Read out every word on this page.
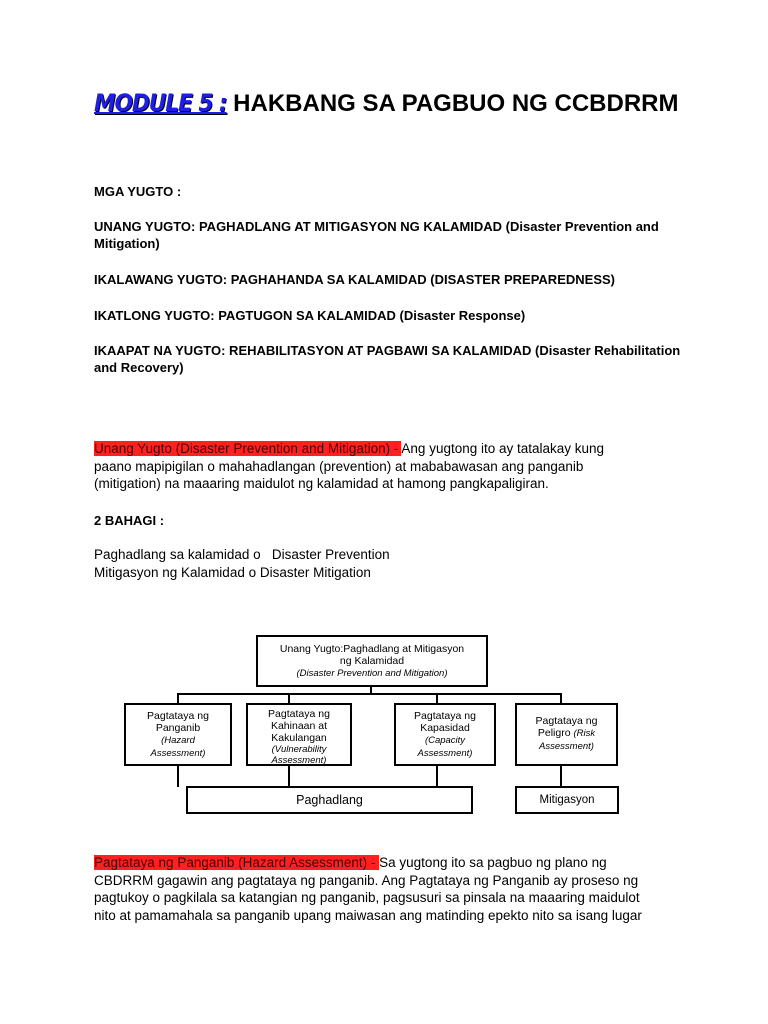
MODULE 5 : HAKBANG SA PAGBUO NG CCBDRRM

MGA YUGTO :

UNANG YUGTO: PAGHADLANG AT MITIGASYON NG KALAMIDAD (Disaster Prevention and Mitigation)

IKALAWANG YUGTO: PAGHAHANDA SA KALAMIDAD (DISASTER PREPAREDNESS)

IKATLONG YUGTO: PAGTUGON SA KALAMIDAD (Disaster Response)

IKAAPAT NA YUGTO: REHABILITASYON AT PAGBAWI SA KALAMIDAD (Disaster Rehabilitation and Recovery)

Unang Yugto (Disaster Prevention and Mitigation) - Ang yugtong ito ay tatalakay kung
paano mapipigilan o mahahadlangan (prevention) at mababawasan ang panganib
(mitigation) na maaaring maidulot ng kalamidad at hamong pangkapaligiran.

2 BAHAGI :

Paghadlang sa kalamidad o   Disaster Prevention
Mitigasyon ng Kalamidad o Disaster Mitigation
Unang Yugto:Paghadlang at Mitigasyon
ng Kalamidad
(Disaster Prevention and Mitigation)
Pagtataya ng
Panganib
(Hazard
Assessment)
Pagtataya ng
Kahinaan at
Kakulangan
(Vulnerability
Assessment)
Pagtataya ng
Kapasidad
(Capacity
Assessment)
Pagtataya ng
Peligro (Risk
Assessment)
Paghadlang	Mitigasyon
Pagtataya ng Panganib (Hazard Assessment) - Sa yugtong ito sa pagbuo ng plano ng
CBDRRM gagawin ang pagtataya ng panganib. Ang Pagtataya ng Panganib ay proseso ng
pagtukoy o pagkilala sa katangian ng panganib, pagsusuri sa pinsala na maaaring maidulot
nito at pamamahala sa panganib upang maiwasan ang matinding epekto nito sa isang lugar
